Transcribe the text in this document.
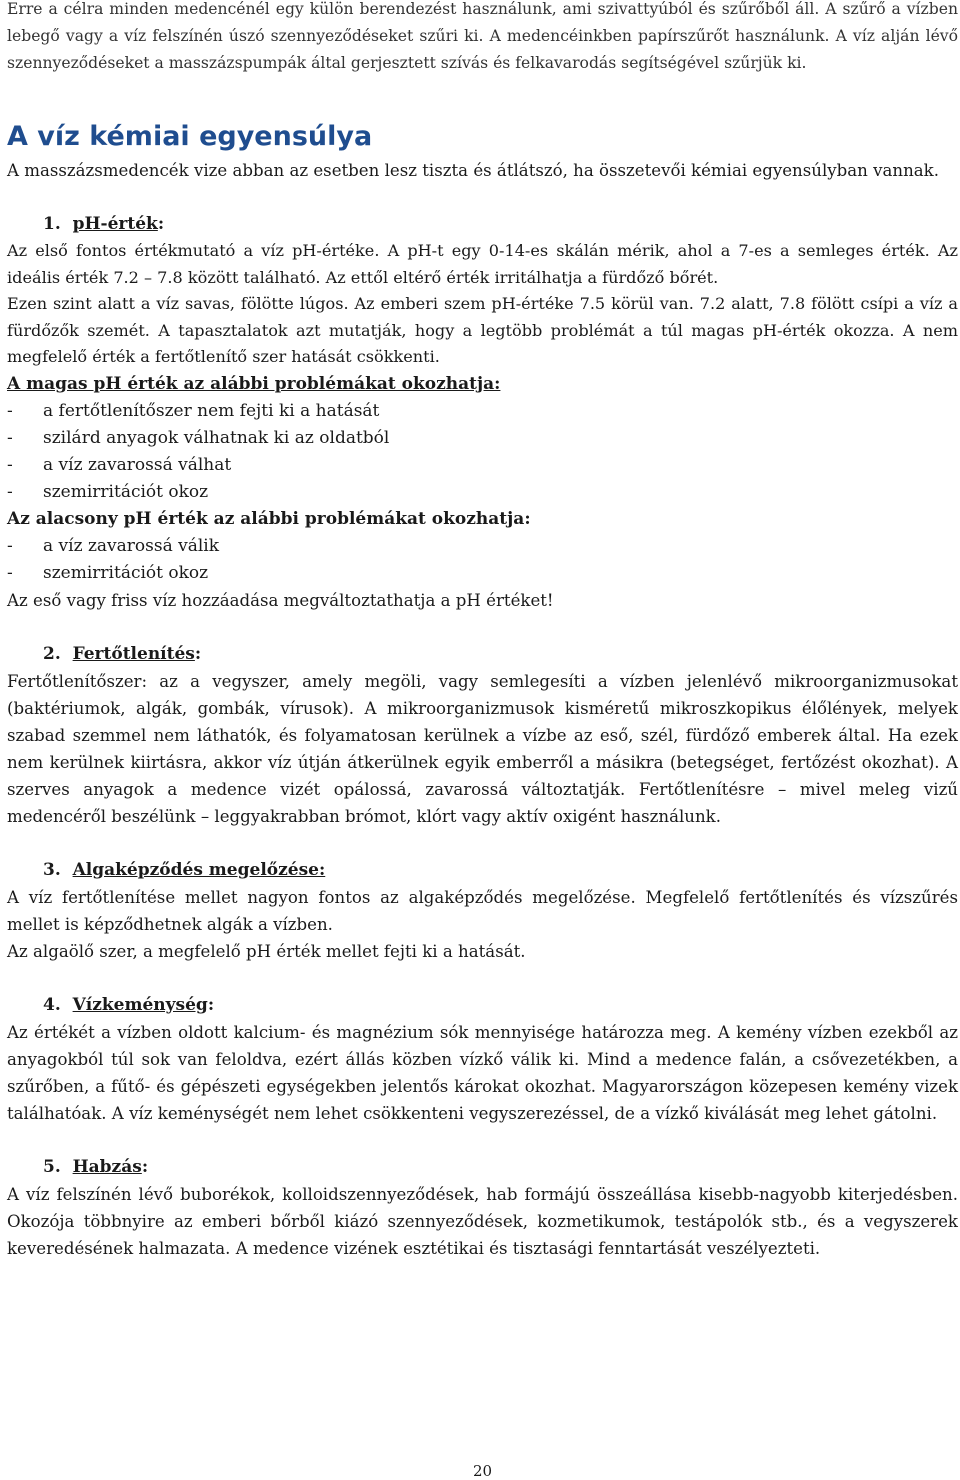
Erre a célra minden medencénél egy külön berendezést használunk, ami szivattyúból és szűrőből áll. A szűrő a vízben lebegő vagy a víz felszínén úszó szennyeződéseket szűri ki. A medencéinkben papírszűrőt használunk. A víz alján lévő szennyeződéseket a masszázspumpák által gerjesztett szívás és felkavarodás segítségével szűrjük ki.

A víz kémiai egyensúlya

A masszázsmedencék vize abban az esetben lesz tiszta és átlátszó, ha összetevői kémiai egyensúlyban vannak.

1. pH-érték:

Az első fontos értékmutató a víz pH-értéke. A pH-t egy 0-14-es skálán mérik, ahol a 7-es a semleges érték. Az ideális érték 7.2 – 7.8 között található. Az ettől eltérő érték irritálhatja a fürdőző bőrét.

Ezen szint alatt a víz savas, fölötte lúgos. Az emberi szem pH-értéke 7.5 körül van. 7.2 alatt, 7.8 fölött csípi a víz a fürdőzők szemét. A tapasztalatok azt mutatják, hogy a legtöbb problémát a túl magas pH-érték okozza. A nem megfelelő érték a fertőtlenítő szer hatását csökkenti.

A magas pH érték az alábbi problémákat okozhatja:
-	a fertőtlenítőszer nem fejti ki a hatását
-	szilárd anyagok válhatnak ki az oldatból
-	a víz zavarossá válhat
-	szemirritációt okoz
Az alacsony pH érték az alábbi problémákat okozhatja:
-	a víz zavarossá válik
-	szemirritációt okoz

Az eső vagy friss víz hozzáadása megváltoztathatja a pH értéket!

2. Fertőtlenítés:

Fertőtlenítőszer: az a vegyszer, amely megöli, vagy semlegesíti a vízben jelenlévő mikroorganizmusokat (baktériumok, algák, gombák, vírusok). A mikroorganizmusok kisméretű mikroszkopikus élőlények, melyek szabad szemmel nem láthatók, és folyamatosan kerülnek a vízbe az eső, szél, fürdőző emberek által. Ha ezek nem kerülnek kiirtásra, akkor víz útján átkerülnek egyik emberről a másikra (betegséget, fertőzést okozhat). A szerves anyagok a medence vizét opálossá, zavarossá változtatják. Fertőtlenítésre – mivel meleg vizű medencéről beszélünk – leggyakrabban brómot, klórt vagy aktív oxigént használunk.

3. Algaképződés megelőzése:

A víz fertőtlenítése mellet nagyon fontos az algaképződés megelőzése. Megfelelő fertőtlenítés és vízszűrés mellet is képződhetnek algák a vízben.

Az algaölő szer, a megfelelő pH érték mellet fejti ki a hatását.

4. Vízkeménység:

Az értékét a vízben oldott kalcium- és magnézium sók mennyisége határozza meg. A kemény vízben ezekből az anyagokból túl sok van feloldva, ezért állás közben vízkő válik ki. Mind a medence falán, a csővezetékben, a szűrőben, a fűtő- és gépészeti egységekben jelentős károkat okozhat. Magyarországon közepesen kemény vizek találhatóak. A víz keménységét nem lehet csökkenteni vegyszerezéssel, de a vízkő kiválását meg lehet gátolni.

5. Habzás:

A víz felszínén lévő buborékok, kolloidszennyeződések, hab formájú összeállása kisebb-nagyobb kiterjedésben. Okozója többnyire az emberi bőrből kiázó szennyeződések, kozmetikumok, testápolók stb., és a vegyszerek keveredésének halmazata. A medence vizének esztétikai és tisztasági fenntartását veszélyezteti.

20
